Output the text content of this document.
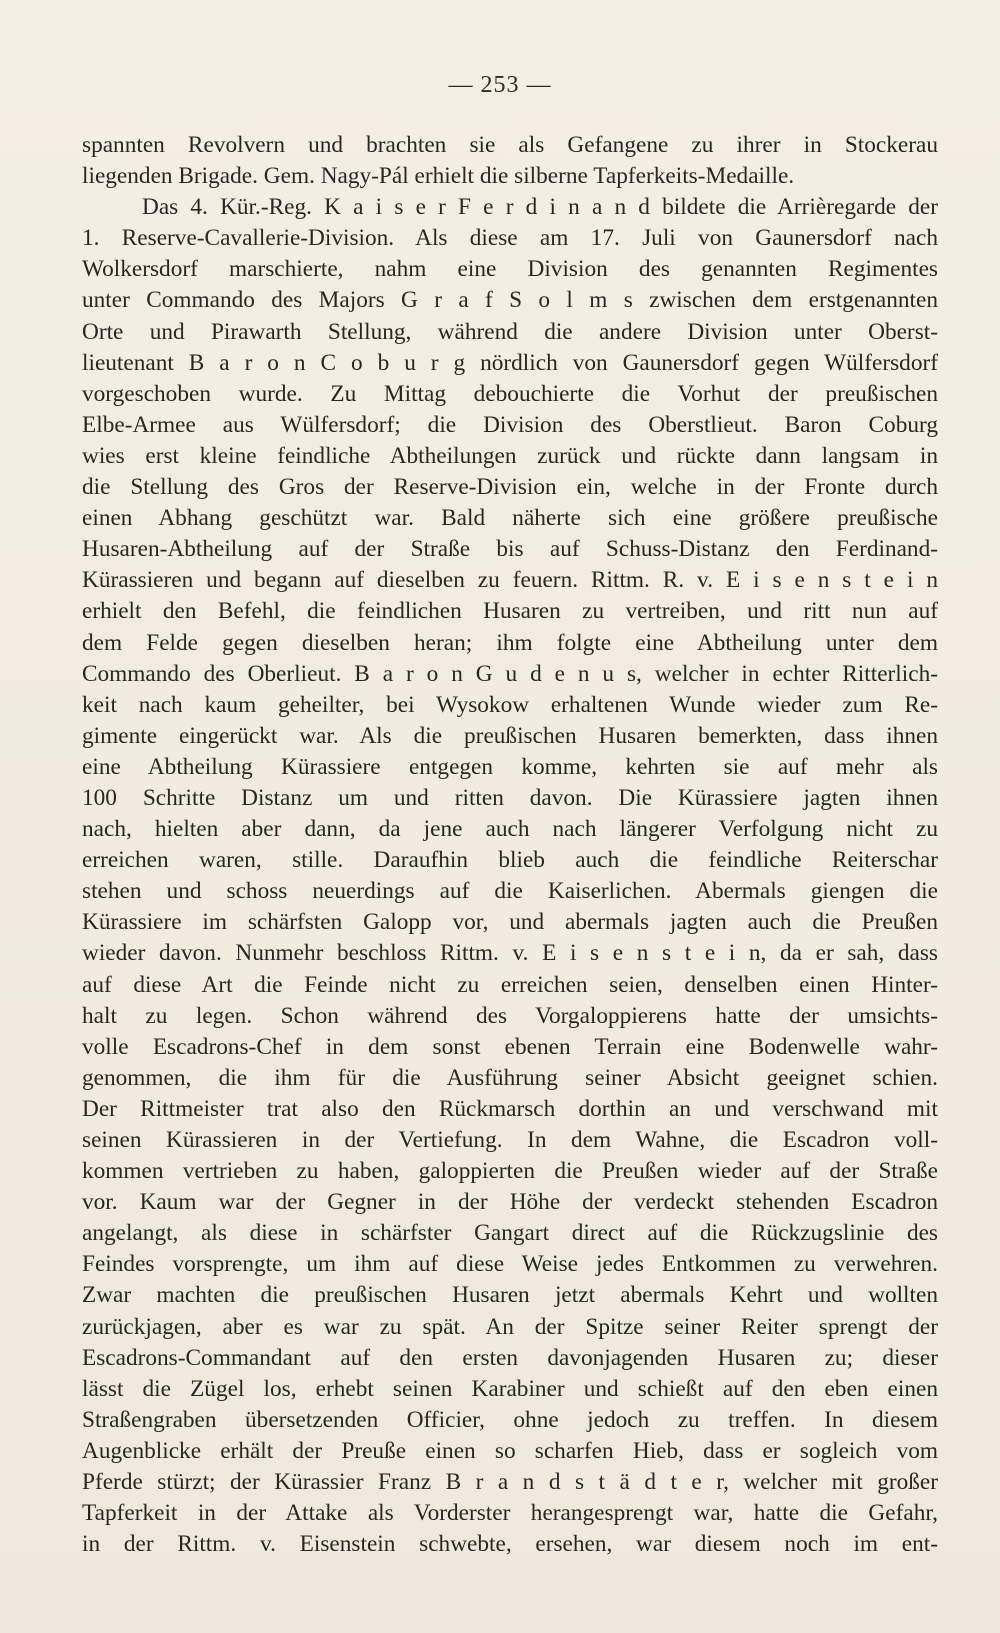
— 253 —
spannten Revolvern und brachten sie als Gefangene zu ihrer in Stockerau
liegenden Brigade. Gem. Nagy-Pál erhielt die silberne Tapferkeits-Medaille.
Das 4. Kür.-Reg. K a i s e r F e r d i n a n d bildete die Arrièregarde der
1. Reserve-Cavallerie-Division. Als diese am 17. Juli von Gaunersdorf nach
Wolkersdorf marschierte, nahm eine Division des genannten Regimentes
unter Commando des Majors G r a f S o l m s zwischen dem erstgenannten
Orte und Pirawarth Stellung, während die andere Division unter Oberst-
lieutenant B a r o n C o b u r g nördlich von Gaunersdorf gegen Wülfersdorf
vorgeschoben wurde. Zu Mittag debouchierte die Vorhut der preußischen
Elbe-Armee aus Wülfersdorf; die Division des Oberstlieut. Baron Coburg
wies erst kleine feindliche Abtheilungen zurück und rückte dann langsam in
die Stellung des Gros der Reserve-Division ein, welche in der Fronte durch
einen Abhang geschützt war. Bald näherte sich eine größere preußische
Husaren-Abtheilung auf der Straße bis auf Schuss-Distanz den Ferdinand-
Kürassieren und begann auf dieselben zu feuern. Rittm. R. v. E i s e n s t e i n
erhielt den Befehl, die feindlichen Husaren zu vertreiben, und ritt nun auf
dem Felde gegen dieselben heran; ihm folgte eine Abtheilung unter dem
Commando des Oberlieut. B a r o n G u d e n u s, welcher in echter Ritterlich-
keit nach kaum geheilter, bei Wysokow erhaltenen Wunde wieder zum Re-
gimente eingerückt war. Als die preußischen Husaren bemerkten, dass ihnen
eine Abtheilung Kürassiere entgegen komme, kehrten sie auf mehr als
100 Schritte Distanz um und ritten davon. Die Kürassiere jagten ihnen
nach, hielten aber dann, da jene auch nach längerer Verfolgung nicht zu
erreichen waren, stille. Daraufhin blieb auch die feindliche Reiterschar
stehen und schoss neuerdings auf die Kaiserlichen. Abermals giengen die
Kürassiere im schärfsten Galopp vor, und abermals jagten auch die Preußen
wieder davon. Nunmehr beschloss Rittm. v. E i s e n s t e i n, da er sah, dass
auf diese Art die Feinde nicht zu erreichen seien, denselben einen Hinter-
halt zu legen. Schon während des Vorgaloppierens hatte der umsichts-
volle Escadrons-Chef in dem sonst ebenen Terrain eine Bodenwelle wahr-
genommen, die ihm für die Ausführung seiner Absicht geeignet schien.
Der Rittmeister trat also den Rückmarsch dorthin an und verschwand mit
seinen Kürassieren in der Vertiefung. In dem Wahne, die Escadron voll-
kommen vertrieben zu haben, galoppierten die Preußen wieder auf der Straße
vor. Kaum war der Gegner in der Höhe der verdeckt stehenden Escadron
angelangt, als diese in schärfster Gangart direct auf die Rückzugslinie des
Feindes vorsprengte, um ihm auf diese Weise jedes Entkommen zu verwehren.
Zwar machten die preußischen Husaren jetzt abermals Kehrt und wollten
zurückjagen, aber es war zu spät. An der Spitze seiner Reiter sprengt der
Escadrons-Commandant auf den ersten davonjagenden Husaren zu; dieser
lässt die Zügel los, erhebt seinen Karabiner und schießt auf den eben einen
Straßengraben übersetzenden Officier, ohne jedoch zu treffen. In diesem
Augenblicke erhält der Preuße einen so scharfen Hieb, dass er sogleich vom
Pferde stürzt; der Kürassier Franz B r a n d s t ä d t e r, welcher mit großer
Tapferkeit in der Attake als Vorderster herangesprengt war, hatte die Gefahr,
in der Rittm. v. Eisenstein schwebte, ersehen, war diesem noch im ent-
